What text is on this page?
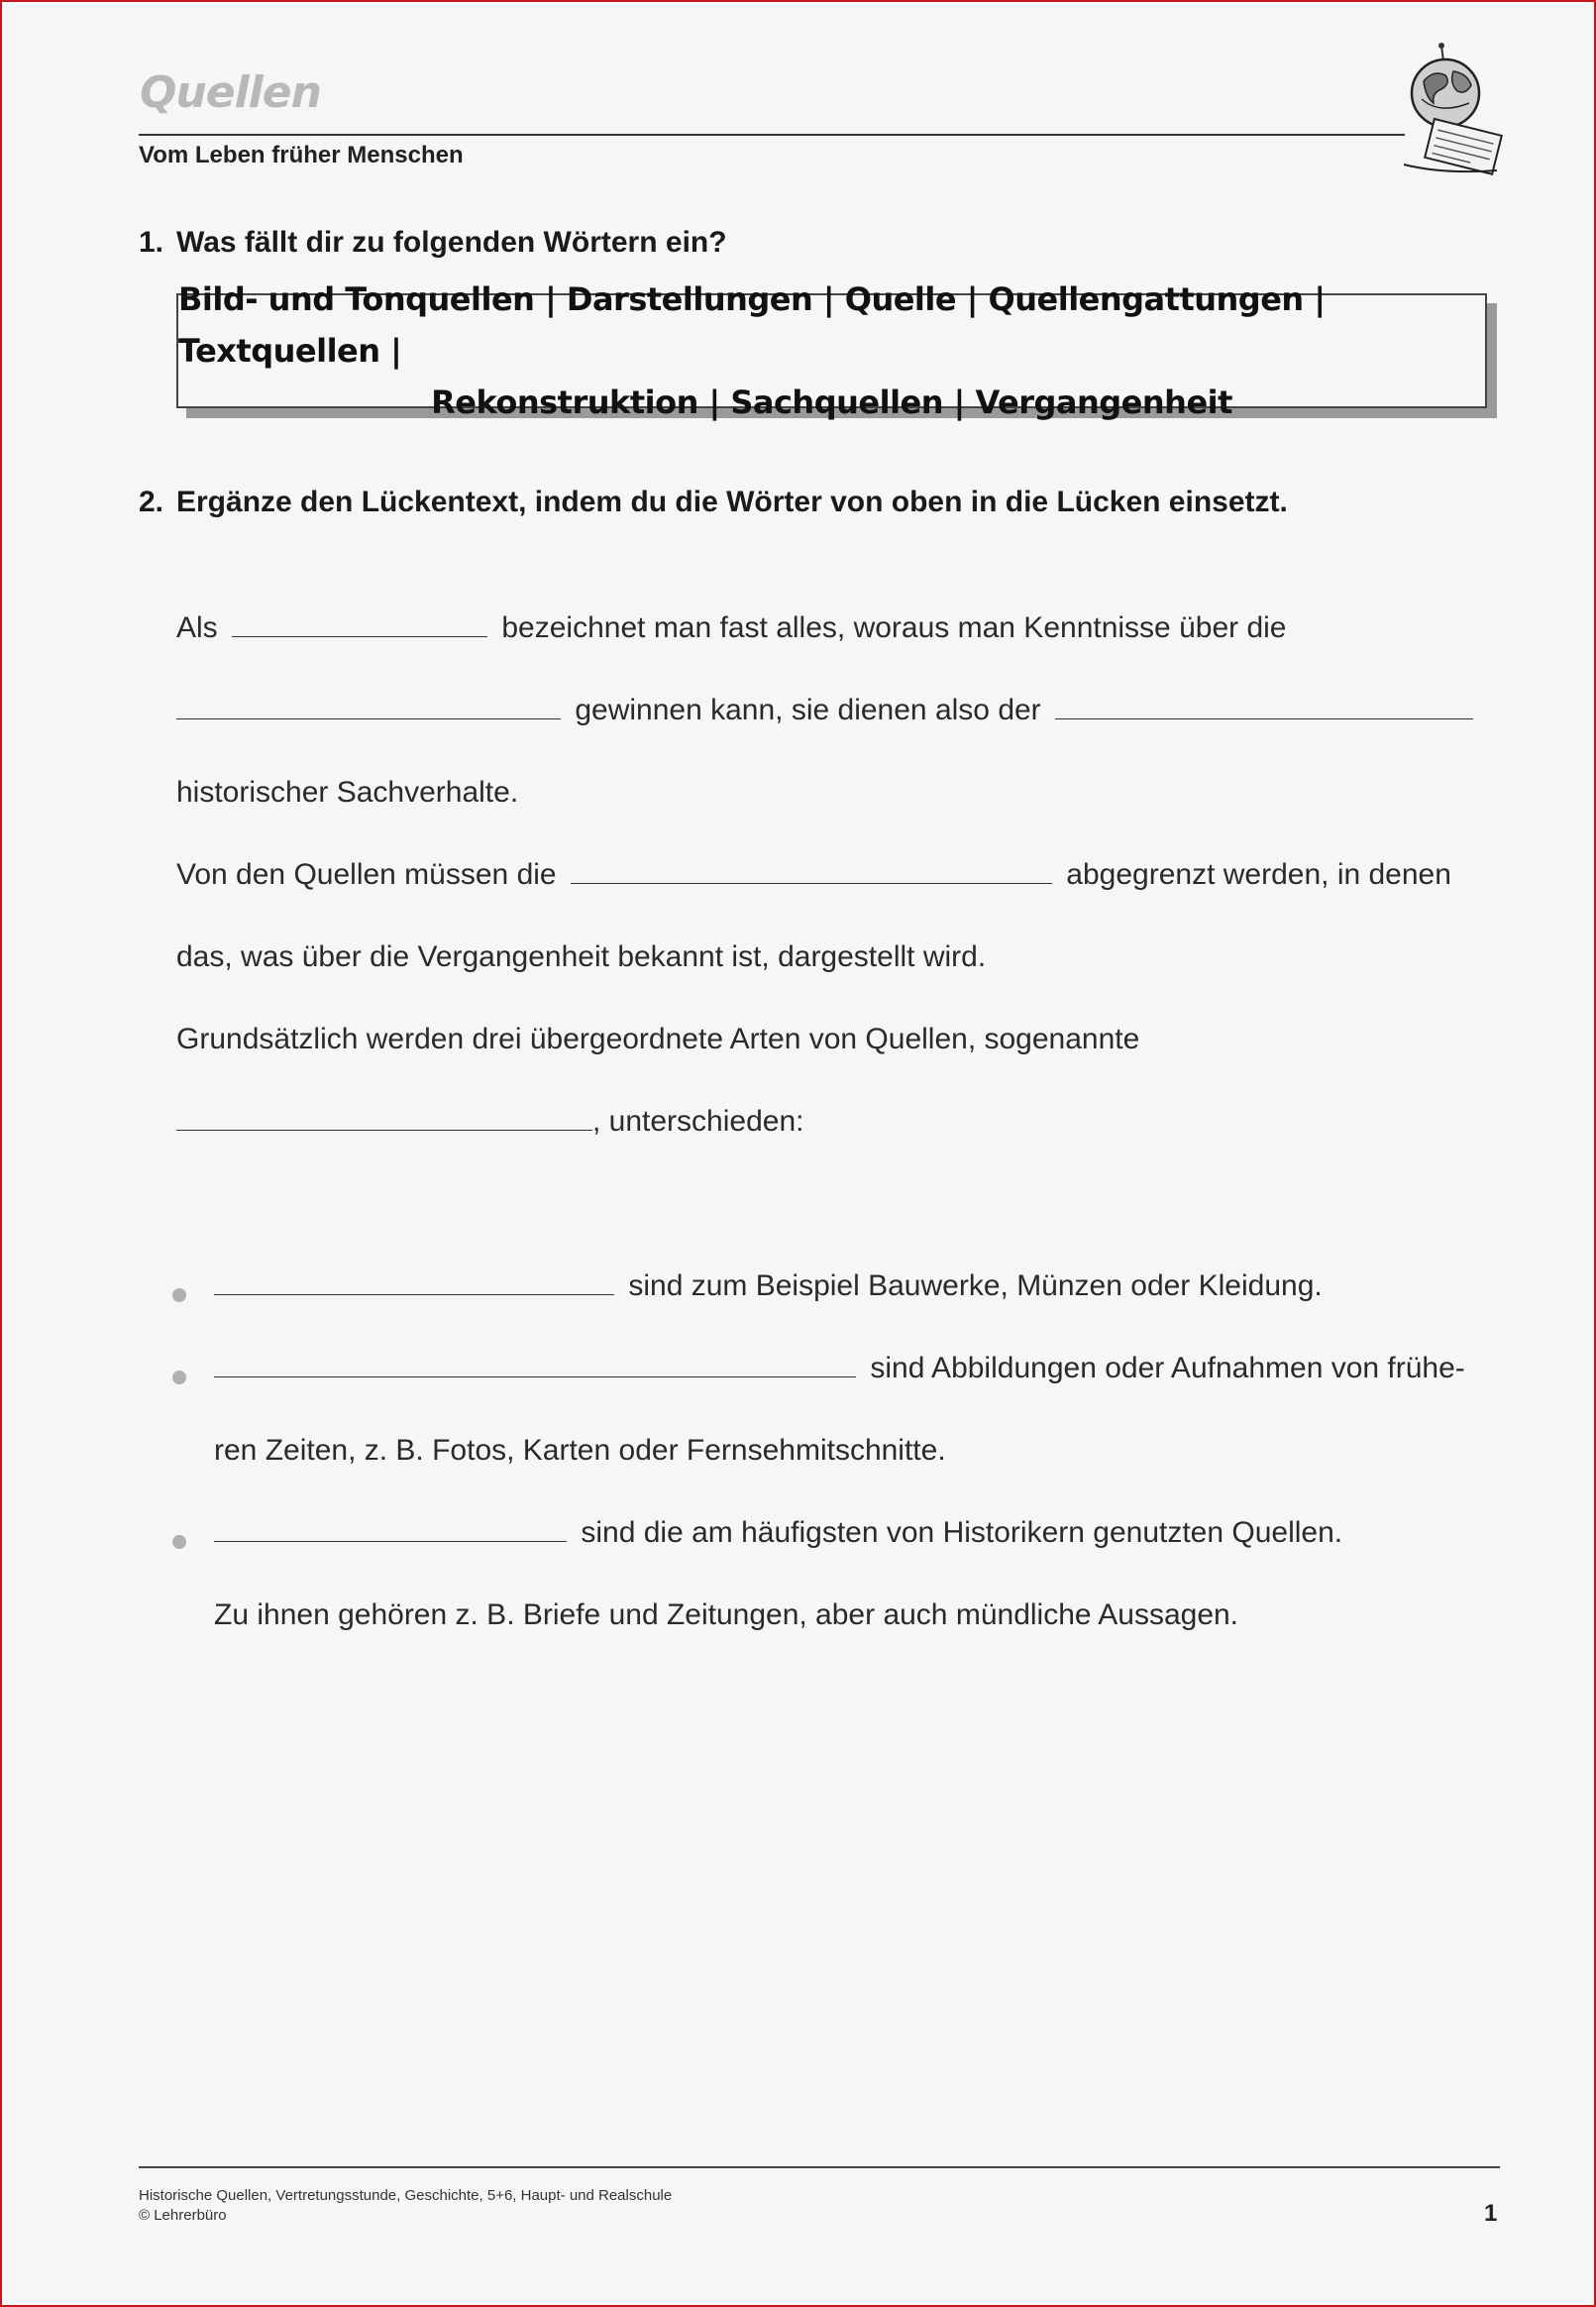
Quellen
Vom Leben früher Menschen
1. Was fällt dir zu folgenden Wörtern ein?
Bild- und Tonquellen | Darstellungen | Quelle | Quellengattungen | Textquellen |
Rekonstruktion | Sachquellen | Vergangenheit
2. Ergänze den Lückentext, indem du die Wörter von oben in die Lücken einsetzt.
Als	bezeichnet man fast alles, woraus man Kenntnisse über die
gewinnen kann, sie dienen also der
historischer Sachverhalte.
Von den Quellen müssen die	abgegrenzt werden, in denen
das, was über die Vergangenheit bekannt ist, dargestellt wird.
Grundsätzlich werden drei übergeordnete Arten von Quellen, sogenannte
, unterschieden:
sind zum Beispiel Bauwerke, Münzen oder Kleidung.
sind Abbildungen oder Aufnahmen von frühe-
ren Zeiten, z. B. Fotos, Karten oder Fernsehmitschnitte.
sind die am häufigsten von Historikern genutzten Quellen.
Zu ihnen gehören z. B. Briefe und Zeitungen, aber auch mündliche Aussagen.
Historische Quellen, Vertretungsstunde, Geschichte, 5+6, Haupt- und Realschule
© Lehrerbüro	1
